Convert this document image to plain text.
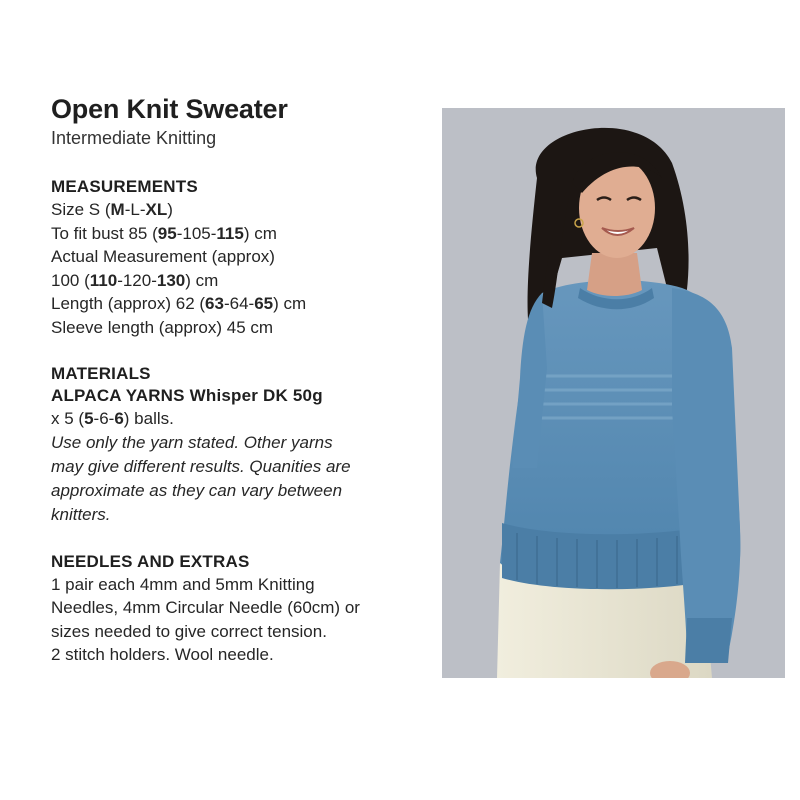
Open Knit Sweater

Intermediate Knitting

MEASUREMENTS

Size S (M-L-XL)

To fit bust 85 (95-105-115) cm

Actual Measurement (approx)

100 (110-120-130) cm

Length (approx) 62 (63-64-65) cm

Sleeve length (approx) 45 cm

MATERIALS

ALPACA YARNS Whisper DK 50g

x 5 (5-6-6) balls.

Use only the yarn stated. Other yarns

may give different results. Quanities are

approximate as they can vary between

knitters.

NEEDLES AND EXTRAS

1 pair each 4mm and 5mm Knitting

Needles, 4mm Circular Needle (60cm) or

sizes needed to give correct tension.

2 stitch holders. Wool needle.
